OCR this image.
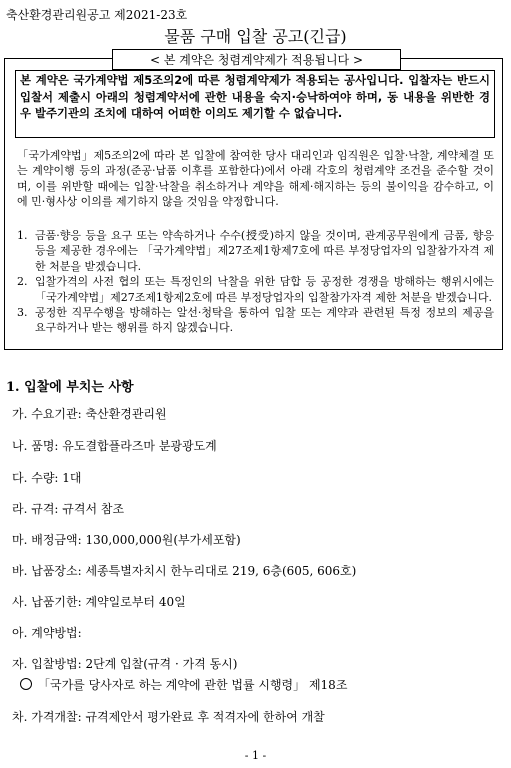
축산환경관리원공고 제2021-23호
물품 구매 입찰 공고(긴급)
< 본 계약은 청렴계약제가 적용됩니다 >
본 계약은 국가계약법 제5조의2에 따른 청렴계약제가 적용되는 공사입니다. 입찰자는 반드시 입찰서 제출시 아래의 청렴계약서에 관한 내용을 숙지·승낙하여야 하며, 동 내용을 위반한 경우 발주기관의 조치에 대하여 어떠한 이의도 제기할 수 없습니다.
「국가계약법」제5조의2에 따라 본 입찰에 참여한 당사 대리인과 임직원은 입찰·낙찰, 계약체결 또는 계약이행 등의 과정(준공·납품 이후를 포함한다)에서 아래 각호의 청렴계약 조건을 준수할 것이며, 이를 위반할 때에는 입찰·낙찰을 취소하거나 계약을 해제·해지하는 등의 불이익을 감수하고, 이에 민·형사상 이의를 제기하지 않을 것임을 약정합니다.
1. 금품·향응 등을 요구 또는 약속하거나 수수(授受)하지 않을 것이며, 관계공무원에게 금품, 향응 등을 제공한 경우에는 「국가계약법」제27조제1항제7호에 따른 부정당업자의 입찰참가자격 제한 처분을 받겠습니다.
2. 입찰가격의 사전 협의 또는 특정인의 낙찰을 위한 담합 등 공정한 경쟁을 방해하는 행위시에는 「국가계약법」제27조제1항제2호에 따른 부정당업자의 입찰참가자격 제한 처분을 받겠습니다.
3. 공정한 직무수행을 방해하는 알선·청탁을 통하여 입찰 또는 계약과 관련된 특정 정보의 제공을 요구하거나 받는 행위를 하지 않겠습니다.
1. 입찰에 부치는 사항
가. 수요기관: 축산환경관리원
나. 품명: 유도결합플라즈마 분광광도계
다. 수량: 1대
라. 규격: 규격서 참조
마. 배정금액: 130,000,000원(부가세포함)
바. 납품장소: 세종특별자치시 한누리대로 219, 6층(605, 606호)
사. 납품기한: 계약일로부터 40일
아. 계약방법:
자. 입찰방법: 2단계 입찰(규격 · 가격 동시)
「국가를 당사자로 하는 계약에 관한 법률 시행령」 제18조
차. 가격개찰: 규격제안서 평가완료 후 적격자에 한하여 개찰
- 1 -
